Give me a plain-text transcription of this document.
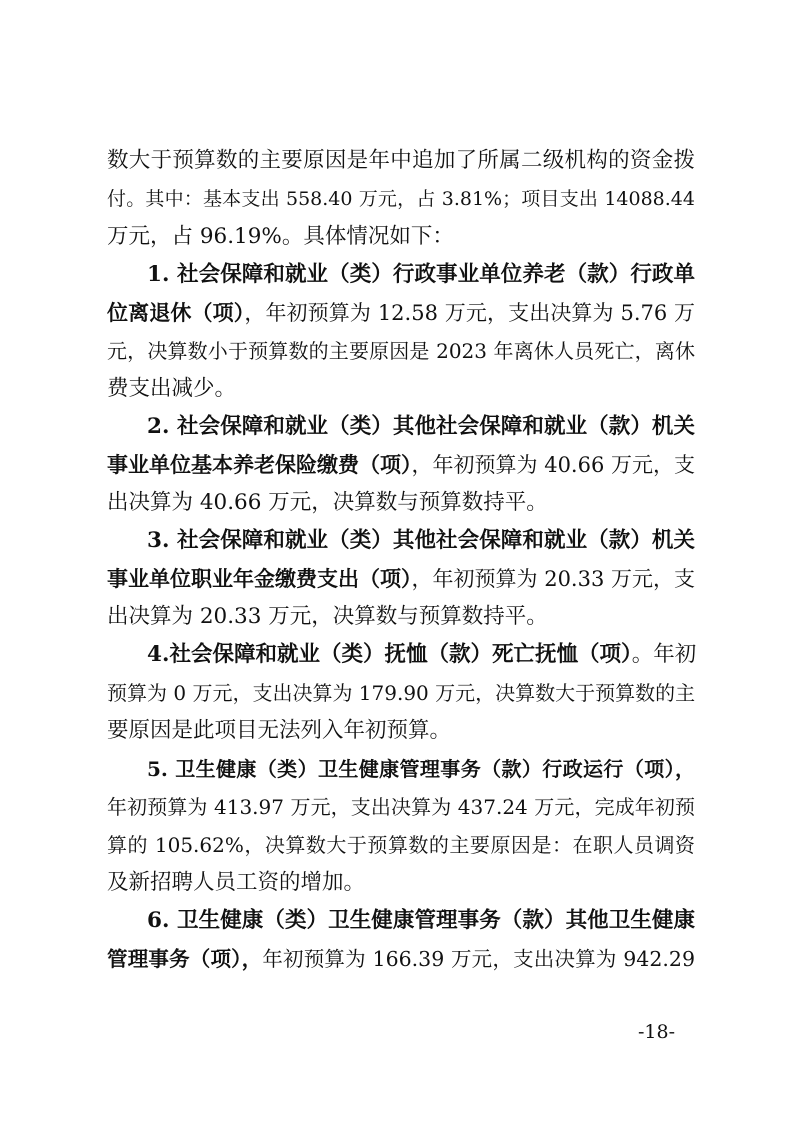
数大于预算数的主要原因是年中追加了所属二级机构的资金拨
付。其中：基本支出 558.40 万元，占 3.81%；项目支出 14088.44
万元，占 96.19%。具体情况如下：
1. 社会保障和就业（类）行政事业单位养老（款）行政单
位离退休（项），年初预算为 12.58 万元，支出决算为 5.76 万
元，决算数小于预算数的主要原因是 2023 年离休人员死亡，离休
费支出减少。
2. 社会保障和就业（类）其他社会保障和就业（款）机关
事业单位基本养老保险缴费（项），年初预算为 40.66 万元，支
出决算为 40.66 万元，决算数与预算数持平。
3. 社会保障和就业（类）其他社会保障和就业（款）机关
事业单位职业年金缴费支出（项），年初预算为 20.33 万元，支
出决算为 20.33 万元，决算数与预算数持平。
4.社会保障和就业（类）抚恤（款）死亡抚恤（项）。年初
预算为 0 万元，支出决算为 179.90 万元，决算数大于预算数的主
要原因是此项目无法列入年初预算。
5. 卫生健康（类）卫生健康管理事务（款）行政运行（项），
年初预算为 413.97 万元，支出决算为 437.24 万元，完成年初预
算的 105.62%，决算数大于预算数的主要原因是：在职人员调资
及新招聘人员工资的增加。
6. 卫生健康（类）卫生健康管理事务（款）其他卫生健康
管理事务（项），年初预算为 166.39 万元，支出决算为 942.29
-18-
